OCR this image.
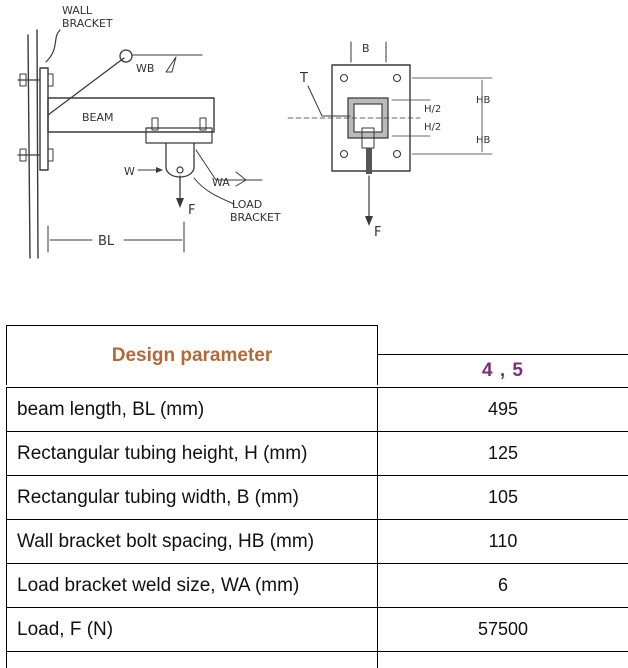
WALL
BRACKET
WB
BEAM
F
W
WA
LOAD
BRACKET
BL
F
B
T
H/2
H/2
HB
HB
Design parameter
4 , 5
beam length, BL (mm)	495
Rectangular tubing height, H (mm)	125
Rectangular tubing width, B (mm)	105
Wall bracket bolt spacing, HB (mm)	110
Load bracket weld size, WA (mm)	6
Load, F (N)	57500
